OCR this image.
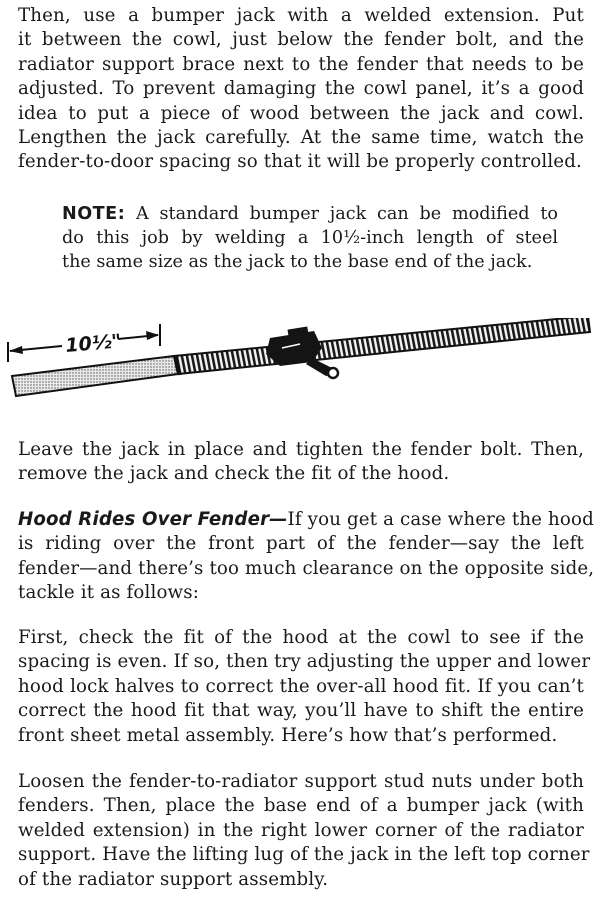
Then, use a bumper jack with a welded extension. Put
it between the cowl, just below the fender bolt, and the
radiator support brace next to the fender that needs to be
adjusted. To prevent damaging the cowl panel, it’s a good
idea to put a piece of wood between the jack and cowl.
Lengthen the jack carefully. At the same time, watch the
fender-to-door spacing so that it will be properly controlled.

NOTE: A standard bumper jack can be modified to
do this job by welding a 10½-inch length of steel
the same size as the jack to the base end of the jack.

10½"

Leave the jack in place and tighten the fender bolt. Then,
remove the jack and check the fit of the hood.

Hood Rides Over Fender—If you get a case where the hood
is riding over the front part of the fender—say the left
fender—and there’s too much clearance on the opposite side,
tackle it as follows:

First, check the fit of the hood at the cowl to see if the
spacing is even. If so, then try adjusting the upper and lower
hood lock halves to correct the over-all hood fit. If you can’t
correct the hood fit that way, you’ll have to shift the entire
front sheet metal assembly. Here’s how that’s performed.

Loosen the fender-to-radiator support stud nuts under both
fenders. Then, place the base end of a bumper jack (with
welded extension) in the right lower corner of the radiator
support. Have the lifting lug of the jack in the left top corner
of the radiator support assembly.
